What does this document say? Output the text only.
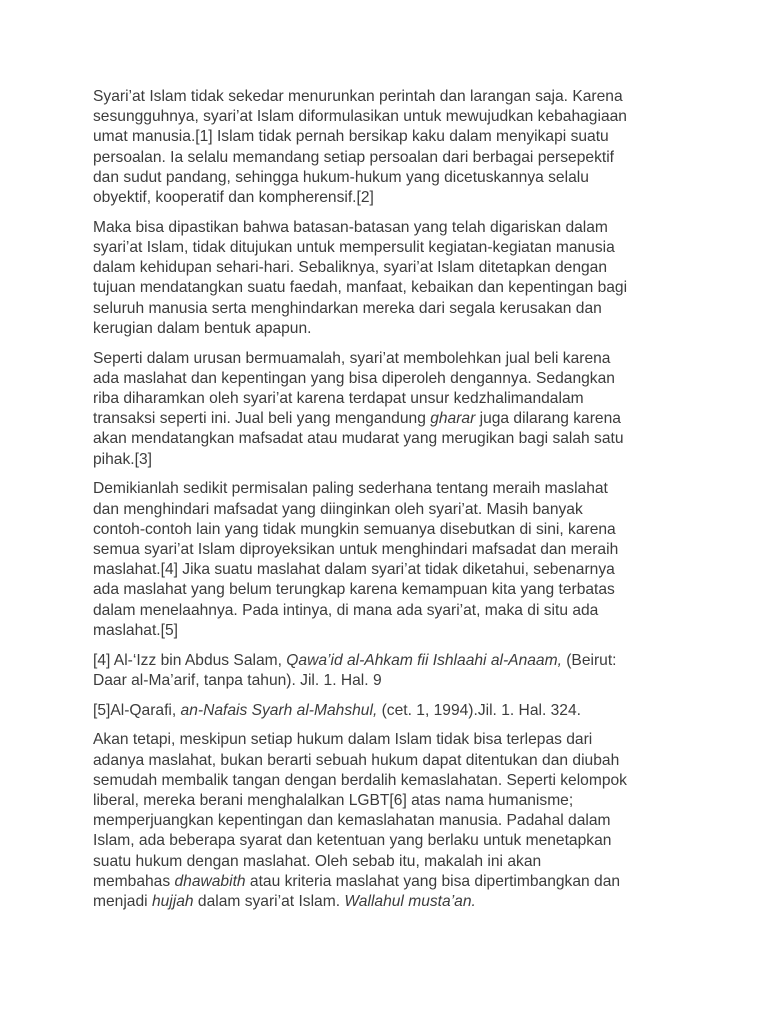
Syari’at Islam tidak sekedar menurunkan perintah dan larangan saja. Karena
sesungguhnya, syari’at Islam diformulasikan untuk mewujudkan kebahagiaan
umat manusia.[1] Islam tidak pernah bersikap kaku dalam menyikapi suatu
persoalan. Ia selalu memandang setiap persoalan dari berbagai persepektif
dan sudut pandang, sehingga hukum-hukum yang dicetuskannya selalu
obyektif, kooperatif dan kompherensif.[2]

Maka bisa dipastikan bahwa batasan-batasan yang telah digariskan dalam
syari’at Islam, tidak ditujukan untuk mempersulit kegiatan-kegiatan manusia
dalam kehidupan sehari-hari. Sebaliknya, syari’at Islam ditetapkan dengan
tujuan mendatangkan suatu faedah, manfaat, kebaikan dan kepentingan bagi
seluruh manusia serta menghindarkan mereka dari segala kerusakan dan
kerugian dalam bentuk apapun.

Seperti dalam urusan bermuamalah, syari’at membolehkan jual beli karena
ada maslahat dan kepentingan yang bisa diperoleh dengannya. Sedangkan
riba diharamkan oleh syari’at karena terdapat unsur kedzhalimandalam
transaksi seperti ini. Jual beli yang mengandung gharar juga dilarang karena
akan mendatangkan mafsadat atau mudarat yang merugikan bagi salah satu
pihak.[3]

Demikianlah sedikit permisalan paling sederhana tentang meraih maslahat
dan menghindari mafsadat yang diinginkan oleh syari’at. Masih banyak
contoh-contoh lain yang tidak mungkin semuanya disebutkan di sini, karena
semua syari’at Islam diproyeksikan untuk menghindari mafsadat dan meraih
maslahat.[4] Jika suatu maslahat dalam syari’at tidak diketahui, sebenarnya
ada maslahat yang belum terungkap karena kemampuan kita yang terbatas
dalam menelaahnya. Pada intinya, di mana ada syari’at, maka di situ ada
maslahat.[5]

[4] Al-‘Izz bin Abdus Salam, Qawa’id al-Ahkam fii Ishlaahi al-Anaam, (Beirut:
Daar al-Ma’arif, tanpa tahun). Jil. 1. Hal. 9

[5]Al-Qarafi, an-Nafais Syarh al-Mahshul, (cet. 1, 1994).Jil. 1. Hal. 324.

Akan tetapi, meskipun setiap hukum dalam Islam tidak bisa terlepas dari
adanya maslahat, bukan berarti sebuah hukum dapat ditentukan dan diubah
semudah membalik tangan dengan berdalih kemaslahatan. Seperti kelompok
liberal, mereka berani menghalalkan LGBT[6] atas nama humanisme;
memperjuangkan kepentingan dan kemaslahatan manusia. Padahal dalam
Islam, ada beberapa syarat dan ketentuan yang berlaku untuk menetapkan
suatu hukum dengan maslahat. Oleh sebab itu, makalah ini akan
membahas dhawabith atau kriteria maslahat yang bisa dipertimbangkan dan
menjadi hujjah dalam syari’at Islam. Wallahul musta’an.
